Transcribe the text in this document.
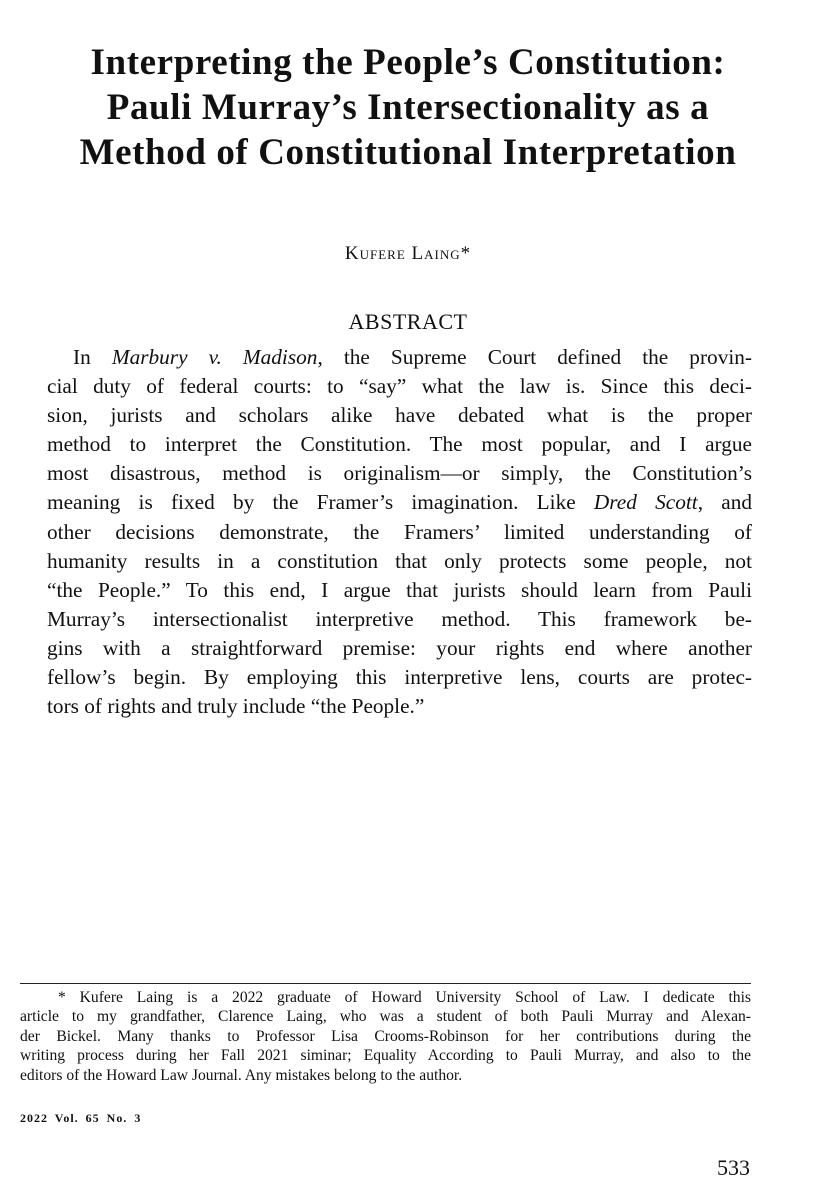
Interpreting the People’s Constitution:
Pauli Murray’s Intersectionality as a
Method of Constitutional Interpretation
Kufere Laing*
ABSTRACT
In Marbury v. Madison, the Supreme Court defined the provin-
cial duty of federal courts: to “say” what the law is. Since this deci-
sion, jurists and scholars alike have debated what is the proper
method to interpret the Constitution. The most popular, and I argue
most disastrous, method is originalism—or simply, the Constitution’s
meaning is fixed by the Framer’s imagination. Like Dred Scott, and
other decisions demonstrate, the Framers’ limited understanding of
humanity results in a constitution that only protects some people, not
“the People.” To this end, I argue that jurists should learn from Pauli
Murray’s intersectionalist interpretive method. This framework be-
gins with a straightforward premise: your rights end where another
fellow’s begin. By employing this interpretive lens, courts are protec-
tors of rights and truly include “the People.”
* Kufere Laing is a 2022 graduate of Howard University School of Law. I dedicate this
article to my grandfather, Clarence Laing, who was a student of both Pauli Murray and Alexan-
der Bickel. Many thanks to Professor Lisa Crooms-Robinson for her contributions during the
writing process during her Fall 2021 siminar; Equality According to Pauli Murray, and also to the
editors of the Howard Law Journal. Any mistakes belong to the author.
2022 Vol. 65 No. 3
533
